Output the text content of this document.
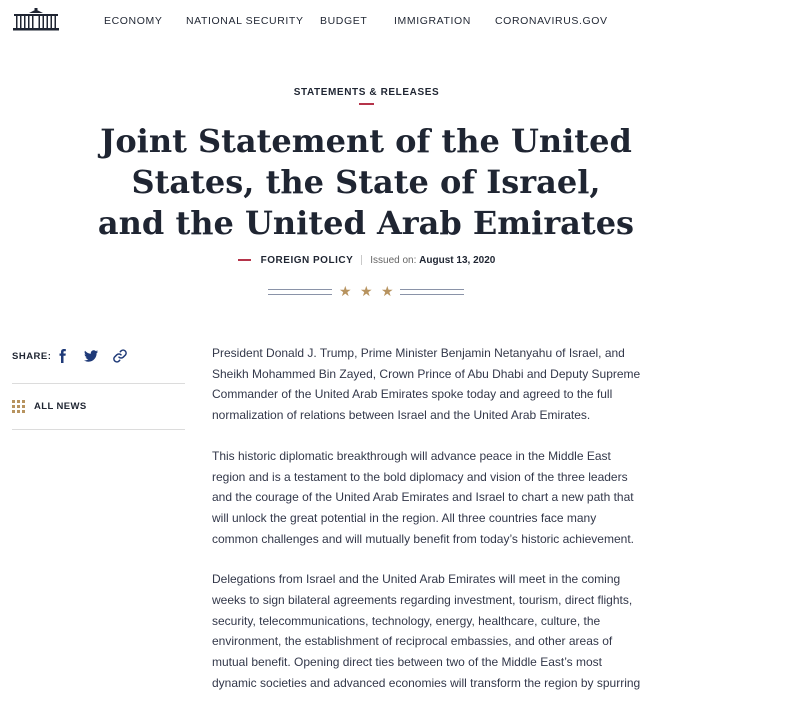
ECONOMY NATIONAL SECURITY BUDGET	IMMIGRATION CORONAVIRUS.GOV
STATEMENTS & RELEASES
Joint Statement of the United States, the State of Israel, and the United Arab Emirates
FOREIGN POLICY Issued on: August 13, 2020
★ ★ ★
SHARE:
ALL NEWS

President Donald J. Trump, Prime Minister Benjamin Netanyahu of Israel, and Sheikh Mohammed Bin Zayed, Crown Prince of Abu Dhabi and Deputy Supreme Commander of the United Arab Emirates spoke today and agreed to the full normalization of relations between Israel and the United Arab Emirates.

This historic diplomatic breakthrough will advance peace in the Middle East region and is a testament to the bold diplomacy and vision of the three leaders and the courage of the United Arab Emirates and Israel to chart a new path that will unlock the great potential in the region. All three countries face many common challenges and will mutually benefit from today’s historic achievement.

Delegations from Israel and the United Arab Emirates will meet in the coming weeks to sign bilateral agreements regarding investment, tourism, direct flights, security, telecommunications, technology, energy, healthcare, culture, the environment, the establishment of reciprocal embassies, and other areas of mutual benefit. Opening direct ties between two of the Middle East’s most dynamic societies and advanced economies will transform the region by spurring
